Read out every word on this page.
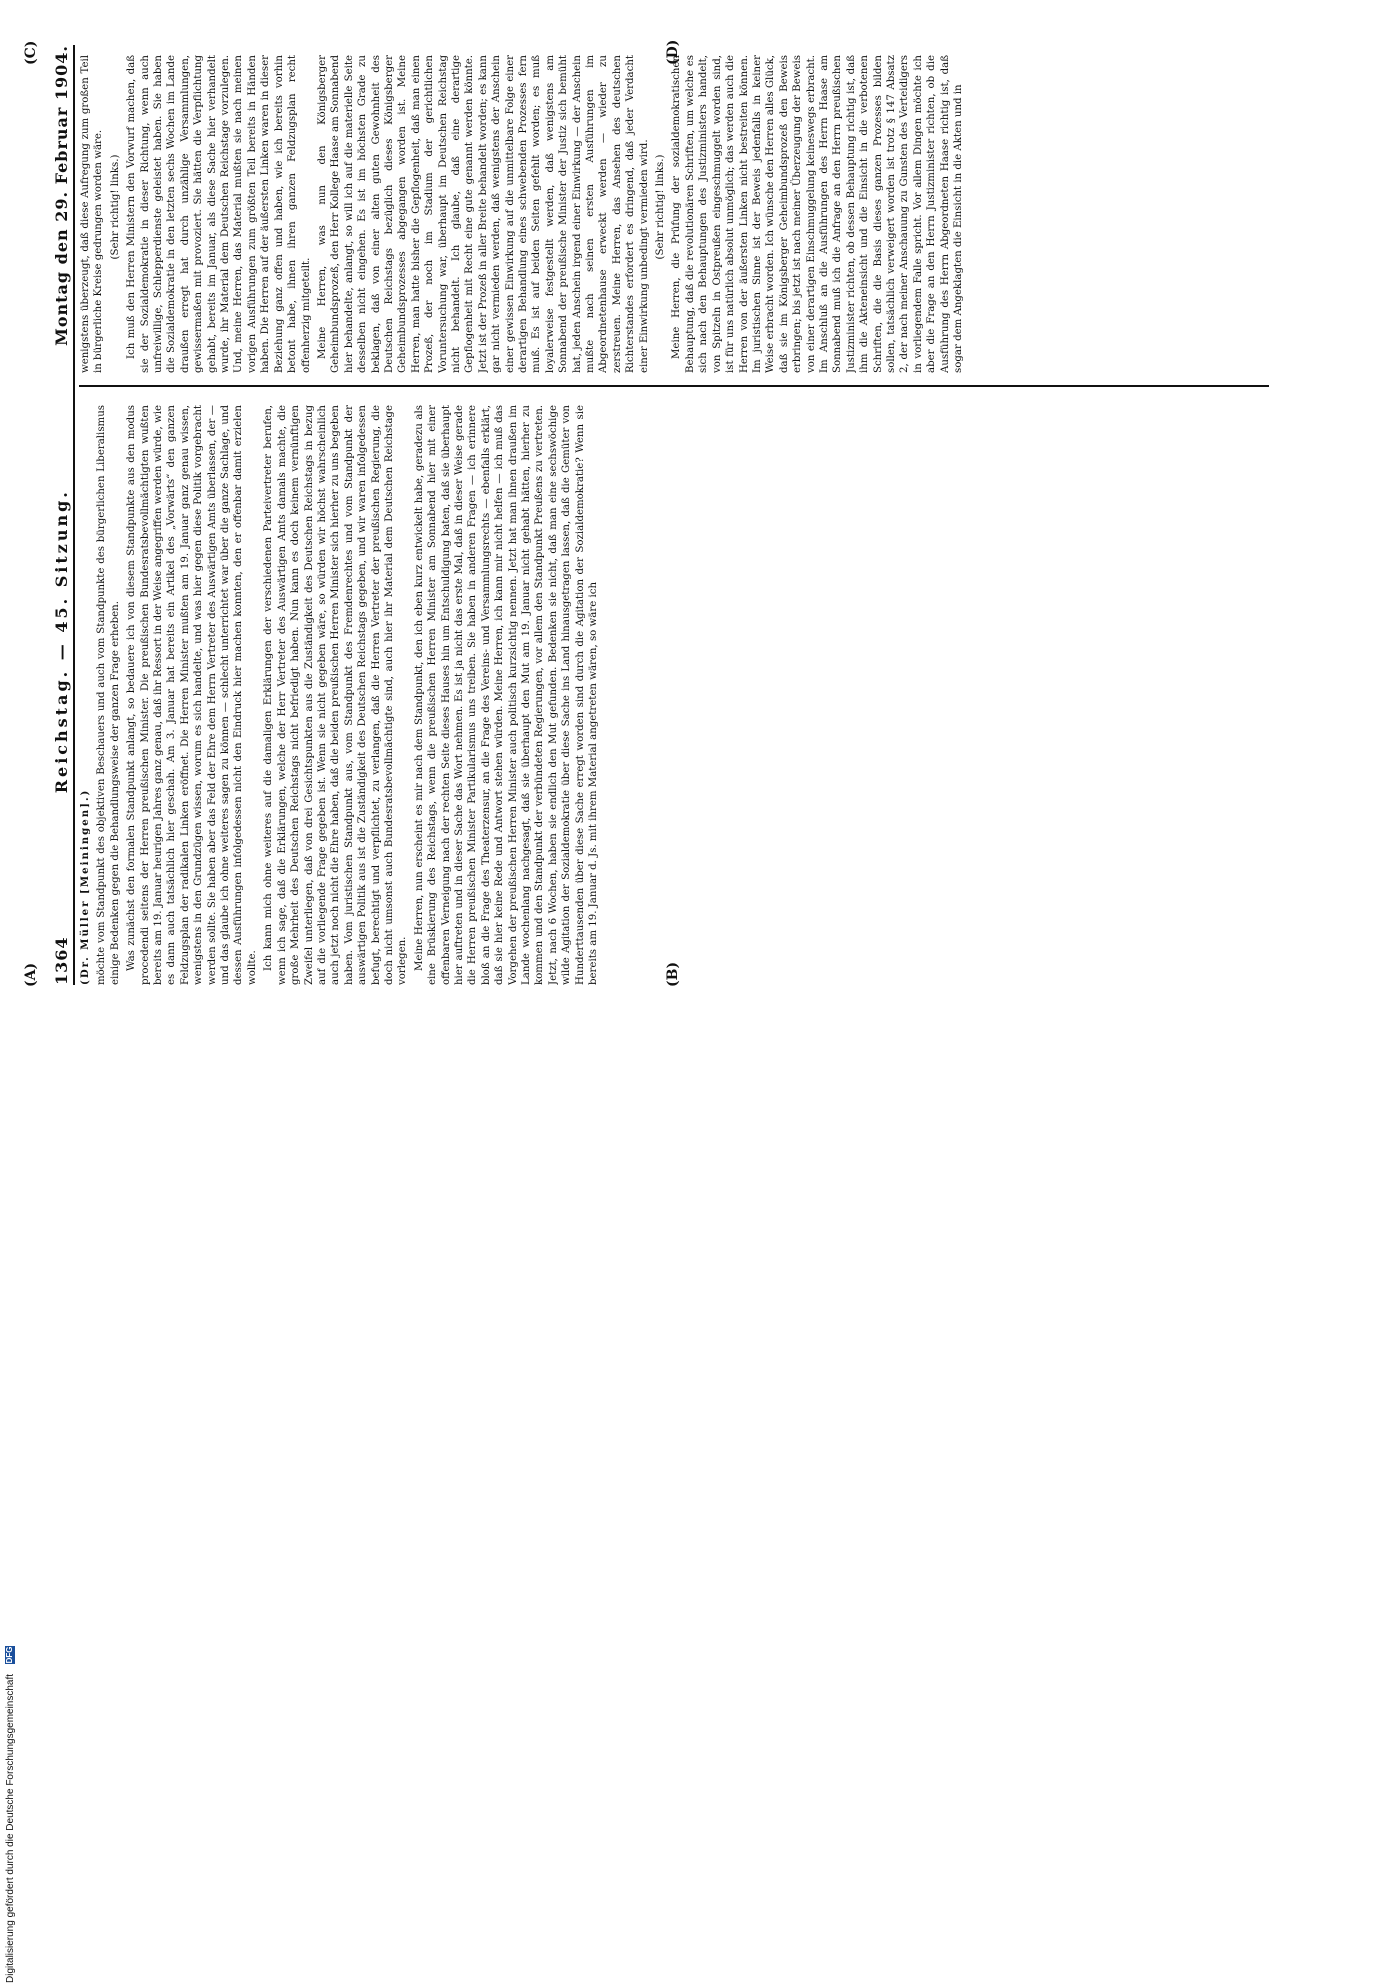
1364
Reichstag. — 45. Sitzung.
Montag den 29. Februar 1904.

(Dr. Müller [Meiningen].) möchte vom Standpunkt des objektiven Beschauers und auch vom Standpunkte des bürgerlichen Liberalismus einige Bedenken gegen die Behandlungsweise der ganzen Frage erheben. Was zunächst den formalen Standpunkt anlangt, so bedauere ich von diesem Standpunkte aus den modus procedendi seitens der Herren preußischen Minister. Die preußischen Bundesratsbevollmächtigten wußten bereits am 19. Januar heurigen Jahres ganz genau, daß ihr Ressort in der Weise angegriffen werden würde, wie es dann auch tatsächlich hier geschah. Am 3. Januar hat bereits ein Artikel des „Vorwärts“ den ganzen Feldzugsplan der radikalen Linken eröffnet. Die Herren Minister mußten am 19. Januar ganz genau wissen, wenigstens in den Grundzügen wissen, worum es sich handelte, und was hier gegen diese Politik vorgebracht werden sollte. Sie haben aber das Feld der Ehre dem Herrn Vertreter des Auswärtigen Amts überlassen, der — und das glaube ich ohne weiteres sagen zu können — schlecht unterrichtet war über die ganze Sachlage, und dessen Ausführungen infolgedessen nicht den Eindruck hier machen konnten, den er offenbar damit erzielen wollte. Ich kann mich ohne weiteres auf die damaligen Erklärungen der verschiedenen Parteivertreter berufen, wenn ich sage, daß die Erklärungen, welche der Herr Vertreter des Auswärtigen Amts damals machte, die große Mehrheit des Deutschen Reichstags nicht befriedigt haben. Nun kann es doch keinem vernünftigen Zweifel unterliegen, daß von drei Gesichtspunkten aus die Zuständigkeit des Deutschen Reichstags in bezug auf die vorliegende Frage gegeben ist. Wenn sie nicht gegeben wäre, so würden wir höchst wahrscheinlich auch jetzt noch nicht die Ehre haben, daß die beiden preußischen Herren Minister sich hierher zu uns begeben haben. Vom juristischen Standpunkt aus, vom Standpunkt des Fremdenrechtes und vom Standpunkt der auswärtigen Politik aus ist die Zuständigkeit des Deutschen Reichstags gegeben, und wir waren infolgedessen befugt, berechtigt und verpflichtet, zu verlangen, daß die Herren Vertreter der preußischen Regierung, die doch nicht umsonst auch Bundesratsbevollmächtigte sind, auch hier ihr Material dem Deutschen Reichstage vorlegen. Meine Herren, nun erscheint es mir nach dem Standpunkt, den ich eben kurz entwickelt habe, geradezu als eine Brüskierung des Reichstags, wenn die preußischen Herren Minister am Sonnabend hier mit einer offenbaren Verneigung nach der rechten Seite dieses Hauses hin um Entschuldigung baten, daß sie überhaupt hier auftreten und in dieser Sache das Wort nehmen. Es ist ja nicht das erste Mal, daß in dieser Weise gerade die Herren preußischen Minister Partikularismus uns treiben. Sie haben in anderen Fragen — ich erinnere bloß an die Frage des Theaterzensur, an die Frage des Vereins- und Versammlungsrechts — ebenfalls erklärt, daß sie hier keine Rede und Antwort stehen würden. Meine Herren, ich kann mir nicht helfen — ich muß das Vorgehen der preußischen Herren Minister auch politisch kurzsichtig nennen. Jetzt hat man ihnen draußen im Lande wochenlang nachgesagt, daß sie überhaupt den Mut am 19. Januar nicht gehabt hätten, hierher zu kommen und den Standpunkt der verbündeten Regierungen, vor allem den Standpunkt Preußens zu vertreten. Jetzt, nach 6 Wochen, haben sie endlich den Mut gefunden. Bedenken sie nicht, daß man eine sechswöchige wilde Agitation der Sozialdemokratie über diese Sache ins Land hinausgetragen lassen, daß die Gemüter von Hunderttausenden über diese Sache erregt worden sind durch die Agitation der Sozialdemokratie? Wenn sie bereits am 19. Januar d. Js. mit ihrem Material angetreten wären, so wäre ich

wenigstens überzeugt, daß diese Aufregung zum großen Teil in bürgerliche Kreise gedrungen worden wäre. (Sehr richtig! links.) Ich muß den Herren Ministern den Vorwurf machen, daß sie der Sozialdemokratie in dieser Richtung, wenn auch unfreiwillige, Schlepperdienste geleistet haben. Sie haben die Sozialdemokratie in den letzten sechs Wochen im Lande draußen erregt hat durch unzählige Versammlungen, gewissermaßen mit provoziert. Sie hätten die Verpflichtung gehabt, bereits im Januar, als diese Sache hier verhandelt wurde, ihr Material dem Deutschen Reichstage vorzulegen. Und, meine Herren, das Material mußten sie nach meinen vorigen Ausführungen zum größten Teil bereits in Händen haben. Die Herren auf der äußersten Linken waren in dieser Beziehung ganz offen und haben, wie ich bereits vorhin betont habe, ihnen ihren ganzen Feldzugsplan recht offenherzig mitgeteilt. Meine Herren, was nun den Königsberger Geheimbundsprozeß, den Herr Kollege Haase am Sonnabend hier behandelte, anlangt, so will ich auf die materielle Seite desselben nicht eingehen. Es ist im höchsten Grade zu beklagen, daß von einer alten guten Gewohnheit des Deutschen Reichstags bezüglich dieses Königsberger Geheimbundsprozesses abgegangen worden ist. Meine Herren, man hatte bisher die Gepflogenheit, daß man einen Prozeß, der noch im Stadium der gerichtlichen Voruntersuchung war, überhaupt im Deutschen Reichstag nicht behandelt. Ich glaube, daß eine derartige Gepflogenheit mit Recht eine gute genannt werden könnte. Jetzt ist der Prozeß in aller Breite behandelt worden; es kann gar nicht vermieden werden, daß wenigstens der Anschein einer gewissen Einwirkung auf die unmittelbare Folge einer derartigen Behandlung eines schwebenden Prozesses fern muß. Es ist auf beiden Seiten gefehlt worden; es muß loyalerweise festgestellt werden, daß wenigstens am Sonnabend der preußische Minister der Justiz sich bemüht hat, jeden Anschein irgend einer Einwirkung — der Anschein mußte nach seinen ersten Ausführungen im Abgeordnetenhause erweckt werden — wieder zu zerstreuen. Meine Herren, das Ansehen des deutschen Richterstandes erfordert es dringend, daß jeder Verdacht einer Einwirkung unbedingt vermieden wird. (Sehr richtig! links.) Meine Herren, die Prüfung der sozialdemokratischen Behauptung, daß die revolutionären Schriften, um welche es sich nach den Behauptungen des Justizministers handelt, von Spitzeln in Ostpreußen eingeschmuggelt worden sind, ist für uns natürlich absolut unmöglich; das werden auch die Herren von der äußersten Linken nicht bestreiten können. Im juristischen Sinne ist der Beweis jedenfalls in keiner Weise erbracht worden. Ich wünsche den Herren alles Glück, daß sie im Königsberger Geheimbundsprozeß den Beweis erbringen; bis jetzt ist nach meiner Überzeugung der Beweis von einer derartigen Einschmuggelung keineswegs erbracht. Im Anschluß an die Ausführungen des Herrn Haase am Sonnabend muß ich die Anfrage an den Herrn preußischen Justizminister richten, ob dessen Behauptung richtig ist, daß ihm die Akteneinsicht und die Einsicht in die verbotenen Schriften, die die Basis dieses ganzen Prozesses bilden sollen, tatsächlich verweigert worden ist trotz § 147 Absatz 2, der nach meiner Anschauung zu Gunsten des Verteidigers in vorliegendem Falle spricht. Vor allem Dingen möchte ich aber die Frage an den Herrn Justizminister richten, ob die Ausführung des Herrn Abgeordneten Haase richtig ist, daß sogar dem Angeklagten die Einsicht in die Akten und in

(A)	(B)
(C)	(D)
Digitalisierung gefördert durch die Deutsche Forschungsgemeinschaft
DFG
